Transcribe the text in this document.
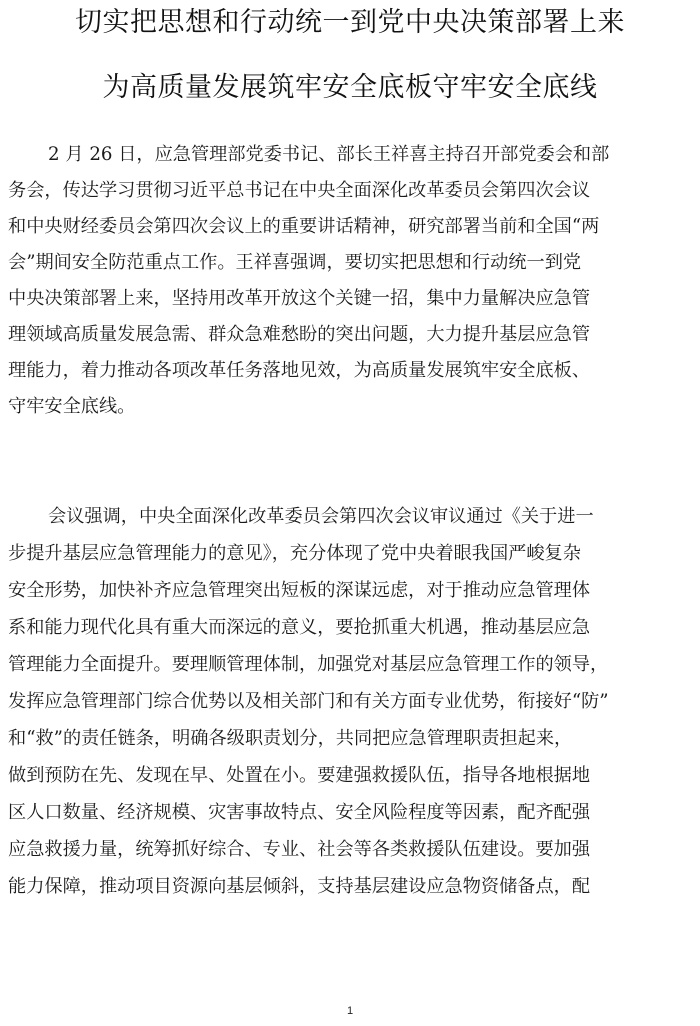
切实把思想和行动统一到党中央决策部署上来
为高质量发展筑牢安全底板守牢安全底线
2 月 26 日，应急管理部党委书记、部长王祥喜主持召开部党委会和部
务会，传达学习贯彻习近平总书记在中央全面深化改革委员会第四次会议
和中央财经委员会第四次会议上的重要讲话精神，研究部署当前和全国“两
会”期间安全防范重点工作。王祥喜强调，要切实把思想和行动统一到党
中央决策部署上来，坚持用改革开放这个关键一招，集中力量解决应急管
理领域高质量发展急需、群众急难愁盼的突出问题，大力提升基层应急管
理能力，着力推动各项改革任务落地见效，为高质量发展筑牢安全底板、
守牢安全底线。
会议强调，中央全面深化改革委员会第四次会议审议通过《关于进一
步提升基层应急管理能力的意见》，充分体现了党中央着眼我国严峻复杂
安全形势，加快补齐应急管理突出短板的深谋远虑，对于推动应急管理体
系和能力现代化具有重大而深远的意义，要抢抓重大机遇，推动基层应急
管理能力全面提升。要理顺管理体制，加强党对基层应急管理工作的领导，
发挥应急管理部门综合优势以及相关部门和有关方面专业优势，衔接好“防”
和“救”的责任链条，明确各级职责划分，共同把应急管理职责担起来，
做到预防在先、发现在早、处置在小。要建强救援队伍，指导各地根据地
区人口数量、经济规模、灾害事故特点、安全风险程度等因素，配齐配强
应急救援力量，统筹抓好综合、专业、社会等各类救援队伍建设。要加强
能力保障，推动项目资源向基层倾斜，支持基层建设应急物资储备点，配
1
